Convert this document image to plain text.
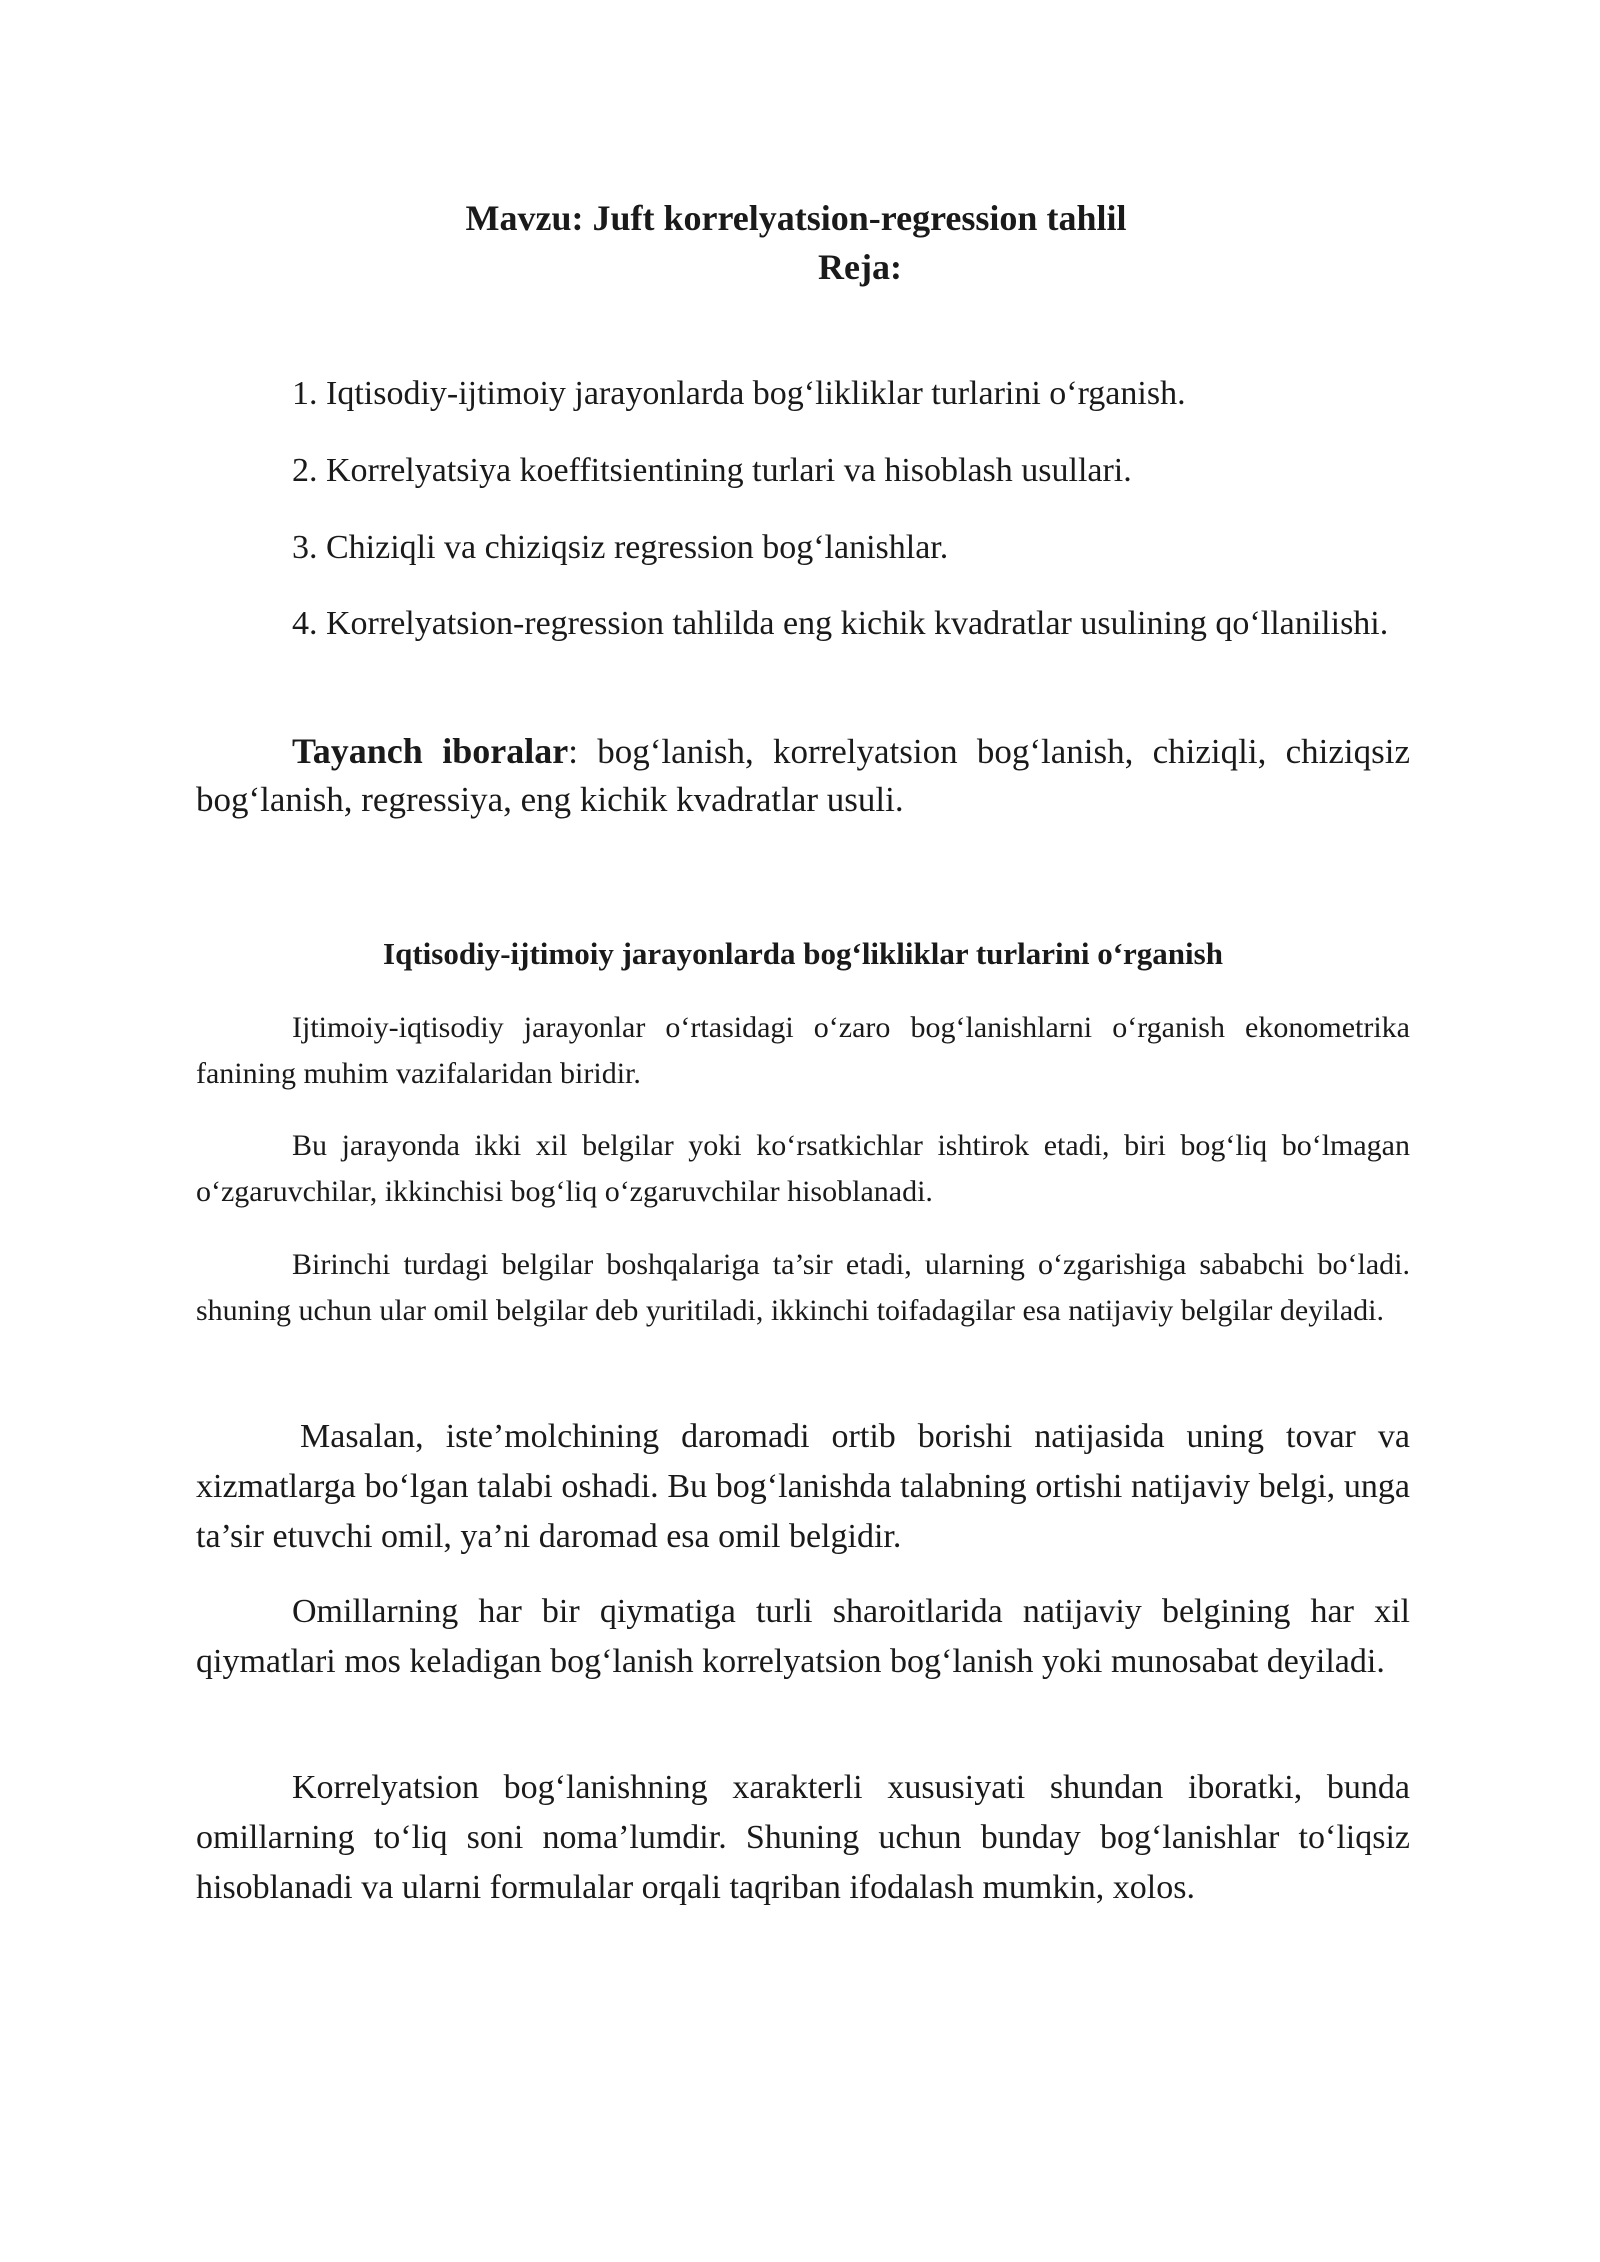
Mavzu: Juft korrelyatsion-regression tahlil
Reja:

1. Iqtisodiy-ijtimoiy jarayonlarda bog‘likliklar turlarini o‘rganish.

2. Korrelyatsiya koeffitsientining turlari va hisoblash usullari.

3. Chiziqli va chiziqsiz regression bog‘lanishlar.

4. Korrelyatsion-regression tahlilda eng kichik kvadratlar usulining qo‘llanilishi.

Tayanch iboralar: bog‘lanish, korrelyatsion bog‘lanish, chiziqli, chiziqsiz bog‘lanish, regressiya, eng kichik kvadratlar usuli.

Iqtisodiy-ijtimoiy jarayonlarda bog‘likliklar turlarini o‘rganish

Ijtimoiy-iqtisodiy jarayonlar o‘rtasidagi o‘zaro bog‘lanishlarni o‘rganish ekonometrika fanining muhim vazifalaridan biridir.

Bu jarayonda ikki xil belgilar yoki ko‘rsatkichlar ishtirok etadi, biri bog‘liq bo‘lmagan o‘zgaruvchilar, ikkinchisi bog‘liq o‘zgaruvchilar hisoblanadi.

Birinchi turdagi belgilar boshqalariga ta’sir etadi, ularning o‘zgarishiga sababchi bo‘ladi. shuning uchun ular omil belgilar deb yuritiladi, ikkinchi toifadagilar esa natijaviy belgilar deyiladi.

Masalan, iste’molchining daromadi ortib borishi natijasida uning tovar va xizmatlarga bo‘lgan talabi oshadi. Bu bog‘lanishda talabning ortishi natijaviy belgi, unga ta’sir etuvchi omil, ya’ni daromad esa omil belgidir.

Omillarning har bir qiymatiga turli sharoitlarida natijaviy belgining har xil qiymatlari mos keladigan bog‘lanish korrelyatsion bog‘lanish yoki munosabat deyiladi.

Korrelyatsion bog‘lanishning xarakterli xususiyati shundan iboratki, bunda omillarning to‘liq soni noma’lumdir. Shuning uchun bunday bog‘lanishlar to‘liqsiz hisoblanadi va ularni formulalar orqali taqriban ifodalash mumkin, xolos.
